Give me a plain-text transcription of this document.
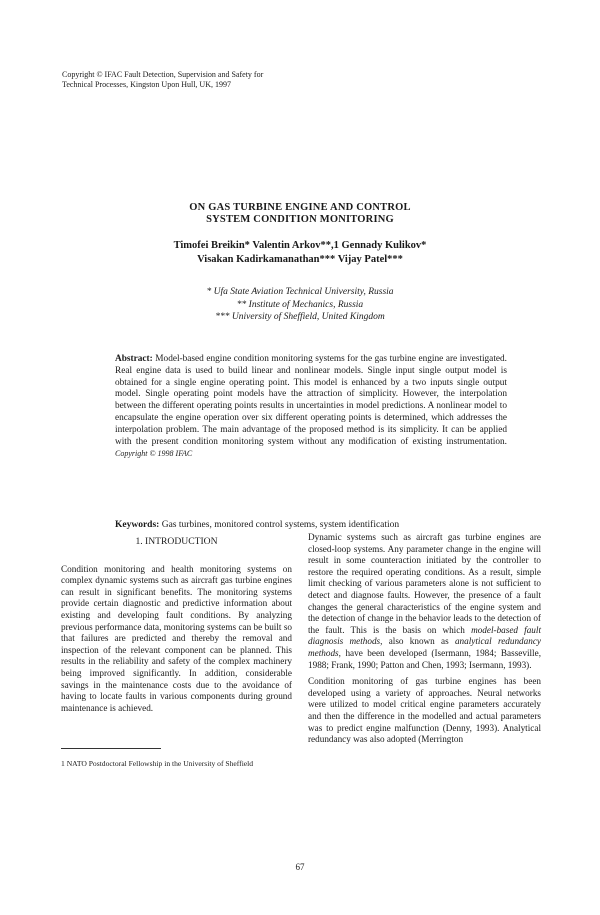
Copyright © IFAC Fault Detection, Supervision and Safety for
Technical Processes, Kingston Upon Hull, UK, 1997
ON GAS TURBINE ENGINE AND CONTROL
SYSTEM CONDITION MONITORING
Timofei Breikin* Valentin Arkov**,1 Gennady Kulikov*
Visakan Kadirkamanathan*** Vijay Patel***
* Ufa State Aviation Technical University, Russia
** Institute of Mechanics, Russia
*** University of Sheffield, United Kingdom
Abstract: Model-based engine condition monitoring systems for the gas turbine engine are investigated. Real engine data is used to build linear and nonlinear models. Single input single output model is obtained for a single engine operating point. This model is enhanced by a two inputs single output model. Single operating point models have the attraction of simplicity. However, the interpolation between the different operating points results in uncertainties in model predictions. A nonlinear model to encapsulate the engine operation over six different operating points is determined, which addresses the interpolation problem. The main advantage of the proposed method is its simplicity. It can be applied with the present condition monitoring system without any modification of existing instrumentation. Copyright © 1998 IFAC
Keywords: Gas turbines, monitored control systems, system identification
1. INTRODUCTION

Condition monitoring and health monitoring systems on complex dynamic systems such as aircraft gas turbine engines can result in significant benefits. The monitoring systems provide certain diagnostic and predictive information about existing and developing fault conditions. By analyzing previous performance data, monitoring systems can be built so that failures are predicted and thereby the removal and inspection of the relevant component can be planned. This results in the reliability and safety of the complex machinery being improved significantly. In addition, considerable savings in the maintenance costs due to the avoidance of having to locate faults in various components during ground maintenance is achieved.

Dynamic systems such as aircraft gas turbine engines are closed-loop systems. Any parameter change in the engine will result in some counteraction initiated by the controller to restore the required operating conditions. As a result, simple limit checking of various parameters alone is not sufficient to detect and diagnose faults. However, the presence of a fault changes the general characteristics of the engine system and the detection of change in the behavior leads to the detection of the fault. This is the basis on which model-based fault diagnosis methods, also known as analytical redundancy methods, have been developed (Isermann, 1984; Basseville, 1988; Frank, 1990; Patton and Chen, 1993; Isermann, 1993).

Condition monitoring of gas turbine engines has been developed using a variety of approaches. Neural networks were utilized to model critical engine parameters accurately and then the difference in the modelled and actual parameters was to predict engine malfunction (Denny, 1993). Analytical redundancy was also adopted (Merrington

1 NATO Postdoctoral Fellowship in the University of Sheffield
67
